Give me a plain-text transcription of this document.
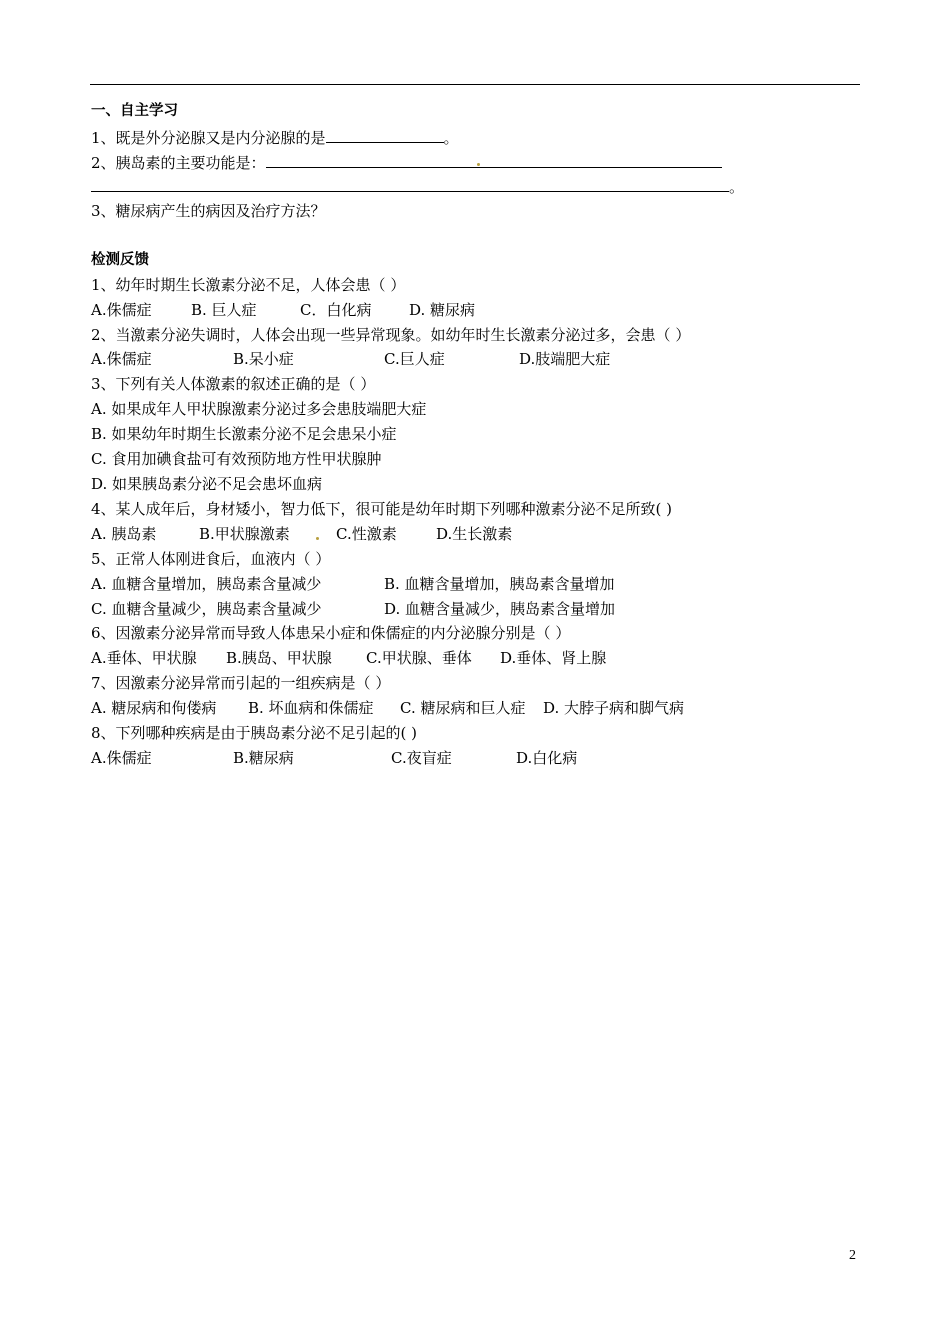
一、自主学习
1、既是外分泌腺又是内分泌腺的是	。
2、胰岛素的主要功能是：
。
3、糖尿病产生的病因及治疗方法？
检测反馈
1、幼年时期生长激素分泌不足，人体会患（ ）
A.侏儒症	B. 巨人症	C．白化病	D. 糖尿病
2、当激素分泌失调时，人体会出现一些异常现象。如幼年时生长激素分泌过多，会患（ ）
A.侏儒症	B.呆小症	C.巨人症	D.肢端肥大症
3、下列有关人体激素的叙述正确的是（ ）
A. 如果成年人甲状腺激素分泌过多会患肢端肥大症
B. 如果幼年时期生长激素分泌不足会患呆小症
C. 食用加碘食盐可有效预防地方性甲状腺肿
D. 如果胰岛素分泌不足会患坏血病
4、某人成年后，身材矮小，智力低下，很可能是幼年时期下列哪种激素分泌不足所致( )
A. 胰岛素	B.甲状腺激素	C.性激素	D.生长激素
5、正常人体刚进食后，血液内（ ）
A. 血糖含量增加，胰岛素含量减少	B. 血糖含量增加，胰岛素含量增加
C. 血糖含量减少，胰岛素含量减少	D. 血糖含量减少，胰岛素含量增加
6、因激素分泌异常而导致人体患呆小症和侏儒症的内分泌腺分别是（ ）
A.垂体、甲状腺 B.胰岛、甲状腺 C.甲状腺、垂体 D.垂体、肾上腺
7、因激素分泌异常而引起的一组疾病是（ ）
A. 糖尿病和佝偻病 B. 坏血病和侏儒症 C. 糖尿病和巨人症 D. 大脖子病和脚气病
8、下列哪种疾病是由于胰岛素分泌不足引起的( )
A.侏儒症	B.糖尿病	C.夜盲症	D.白化病
2
